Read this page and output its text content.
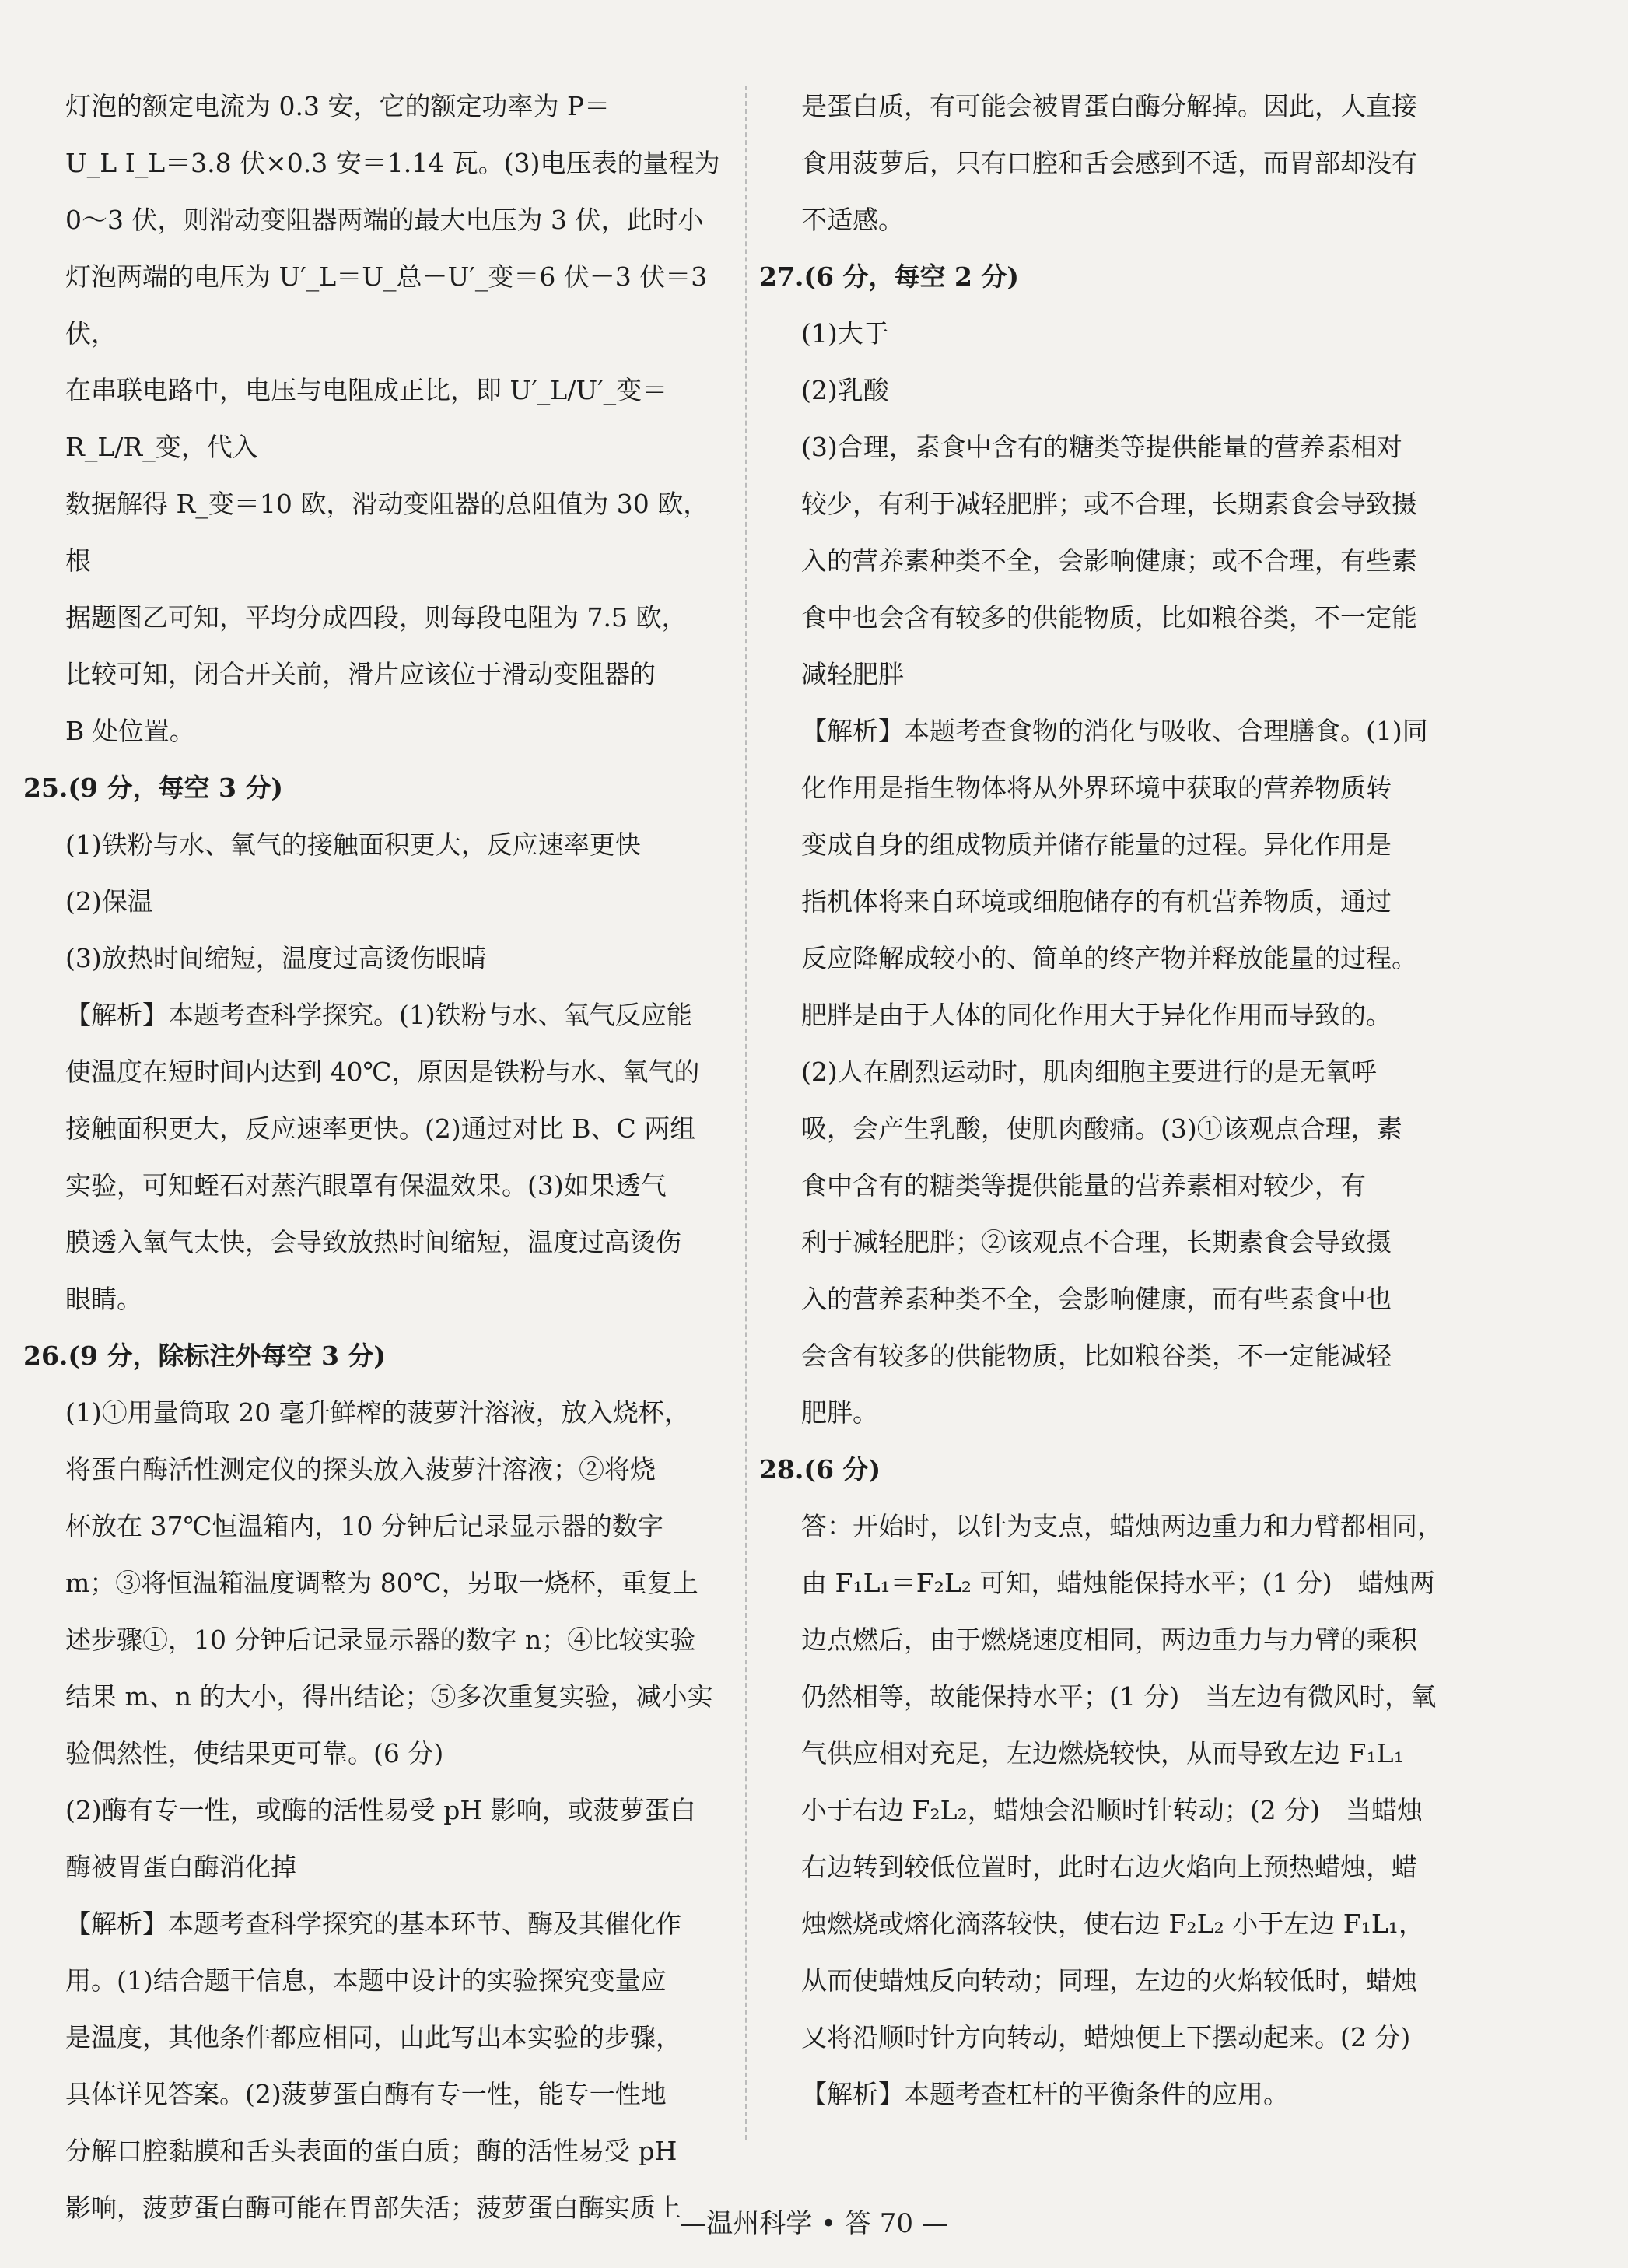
灯泡的额定电流为 0.3 安，它的额定功率为 P＝
U_L I_L＝3.8 伏×0.3 安＝1.14 瓦。(3)电压表的量程为
0～3 伏，则滑动变阻器两端的最大电压为 3 伏，此时小
灯泡两端的电压为 U′_L＝U_总－U′_变＝6 伏－3 伏＝3 伏，
在串联电路中，电压与电阻成正比，即 U′_L/U′_变＝R_L/R_变，代入
数据解得 R_变＝10 欧，滑动变阻器的总阻值为 30 欧，根
据题图乙可知，平均分成四段，则每段电阻为 7.5 欧，
比较可知，闭合开关前，滑片应该位于滑动变阻器的
B 处位置。
25.(9 分，每空 3 分)
(1)铁粉与水、氧气的接触面积更大，反应速率更快
(2)保温
(3)放热时间缩短，温度过高烫伤眼睛
【解析】本题考查科学探究。(1)铁粉与水、氧气反应能
使温度在短时间内达到 40℃，原因是铁粉与水、氧气的
接触面积更大，反应速率更快。(2)通过对比 B、C 两组
实验，可知蛭石对蒸汽眼罩有保温效果。(3)如果透气
膜透入氧气太快，会导致放热时间缩短，温度过高烫伤
眼睛。
26.(9 分，除标注外每空 3 分)
(1)①用量筒取 20 毫升鲜榨的菠萝汁溶液，放入烧杯，
将蛋白酶活性测定仪的探头放入菠萝汁溶液；②将烧
杯放在 37℃恒温箱内，10 分钟后记录显示器的数字
m；③将恒温箱温度调整为 80℃，另取一烧杯，重复上
述步骤①，10 分钟后记录显示器的数字 n；④比较实验
结果 m、n 的大小，得出结论；⑤多次重复实验，减小实
验偶然性，使结果更可靠。(6 分)
(2)酶有专一性，或酶的活性易受 pH 影响，或菠萝蛋白
酶被胃蛋白酶消化掉
【解析】本题考查科学探究的基本环节、酶及其催化作
用。(1)结合题干信息，本题中设计的实验探究变量应
是温度，其他条件都应相同，由此写出本实验的步骤，
具体详见答案。(2)菠萝蛋白酶有专一性，能专一性地
分解口腔黏膜和舌头表面的蛋白质；酶的活性易受 pH
影响，菠萝蛋白酶可能在胃部失活；菠萝蛋白酶实质上
是蛋白质，有可能会被胃蛋白酶分解掉。因此，人直接
食用菠萝后，只有口腔和舌会感到不适，而胃部却没有
不适感。
27.(6 分，每空 2 分)
(1)大于
(2)乳酸
(3)合理，素食中含有的糖类等提供能量的营养素相对
较少，有利于减轻肥胖；或不合理，长期素食会导致摄
入的营养素种类不全，会影响健康；或不合理，有些素
食中也会含有较多的供能物质，比如粮谷类，不一定能
减轻肥胖
【解析】本题考查食物的消化与吸收、合理膳食。(1)同
化作用是指生物体将从外界环境中获取的营养物质转
变成自身的组成物质并储存能量的过程。异化作用是
指机体将来自环境或细胞储存的有机营养物质，通过
反应降解成较小的、简单的终产物并释放能量的过程。
肥胖是由于人体的同化作用大于异化作用而导致的。
(2)人在剧烈运动时，肌肉细胞主要进行的是无氧呼
吸，会产生乳酸，使肌肉酸痛。(3)①该观点合理，素
食中含有的糖类等提供能量的营养素相对较少，有
利于减轻肥胖；②该观点不合理，长期素食会导致摄
入的营养素种类不全，会影响健康，而有些素食中也
会含有较多的供能物质，比如粮谷类，不一定能减轻
肥胖。
28.(6 分)
答：开始时，以针为支点，蜡烛两边重力和力臂都相同，
由 F₁L₁＝F₂L₂ 可知，蜡烛能保持水平；(1 分)　蜡烛两
边点燃后，由于燃烧速度相同，两边重力与力臂的乘积
仍然相等，故能保持水平；(1 分)　当左边有微风时，氧
气供应相对充足，左边燃烧较快，从而导致左边 F₁L₁
小于右边 F₂L₂，蜡烛会沿顺时针转动；(2 分)　当蜡烛
右边转到较低位置时，此时右边火焰向上预热蜡烛，蜡
烛燃烧或熔化滴落较快，使右边 F₂L₂ 小于左边 F₁L₁，
从而使蜡烛反向转动；同理，左边的火焰较低时，蜡烛
又将沿顺时针方向转动，蜡烛便上下摆动起来。(2 分)
【解析】本题考查杠杆的平衡条件的应用。
—温州科学 • 答 70 —
